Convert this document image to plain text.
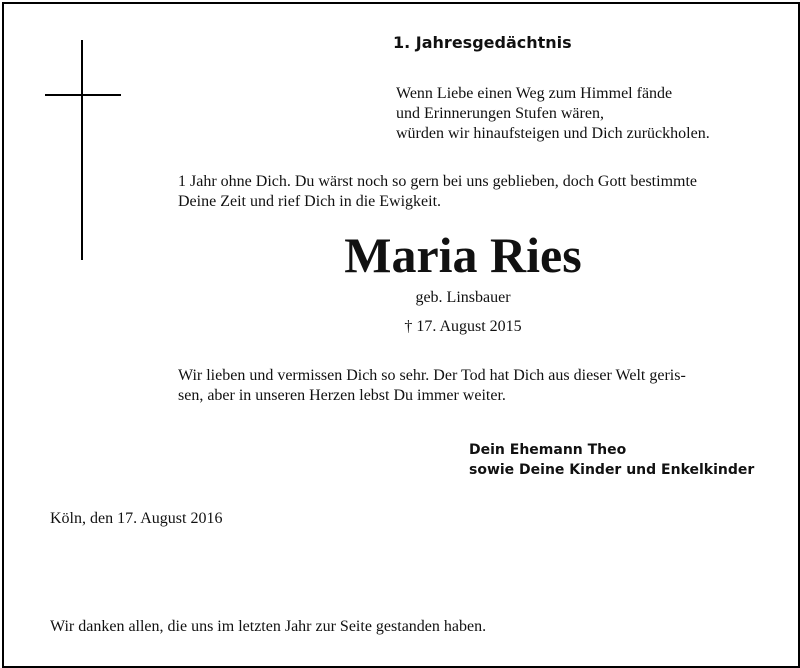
1. Jahresgedächtnis
Wenn Liebe einen Weg zum Himmel fände
und Erinnerungen Stufen wären,
würden wir hinaufsteigen und Dich zurückholen.
1 Jahr ohne Dich. Du wärst noch so gern bei uns geblieben, doch Gott bestimmte
Deine Zeit und rief Dich in die Ewigkeit.
Maria Ries
geb. Linsbauer
† 17. August 2015
Wir lieben und vermissen Dich so sehr. Der Tod hat Dich aus dieser Welt geris-
sen, aber in unseren Herzen lebst Du immer weiter.
Dein Ehemann Theo
sowie Deine Kinder und Enkelkinder
Köln, den 17. August 2016
Wir danken allen, die uns im letzten Jahr zur Seite gestanden haben.
